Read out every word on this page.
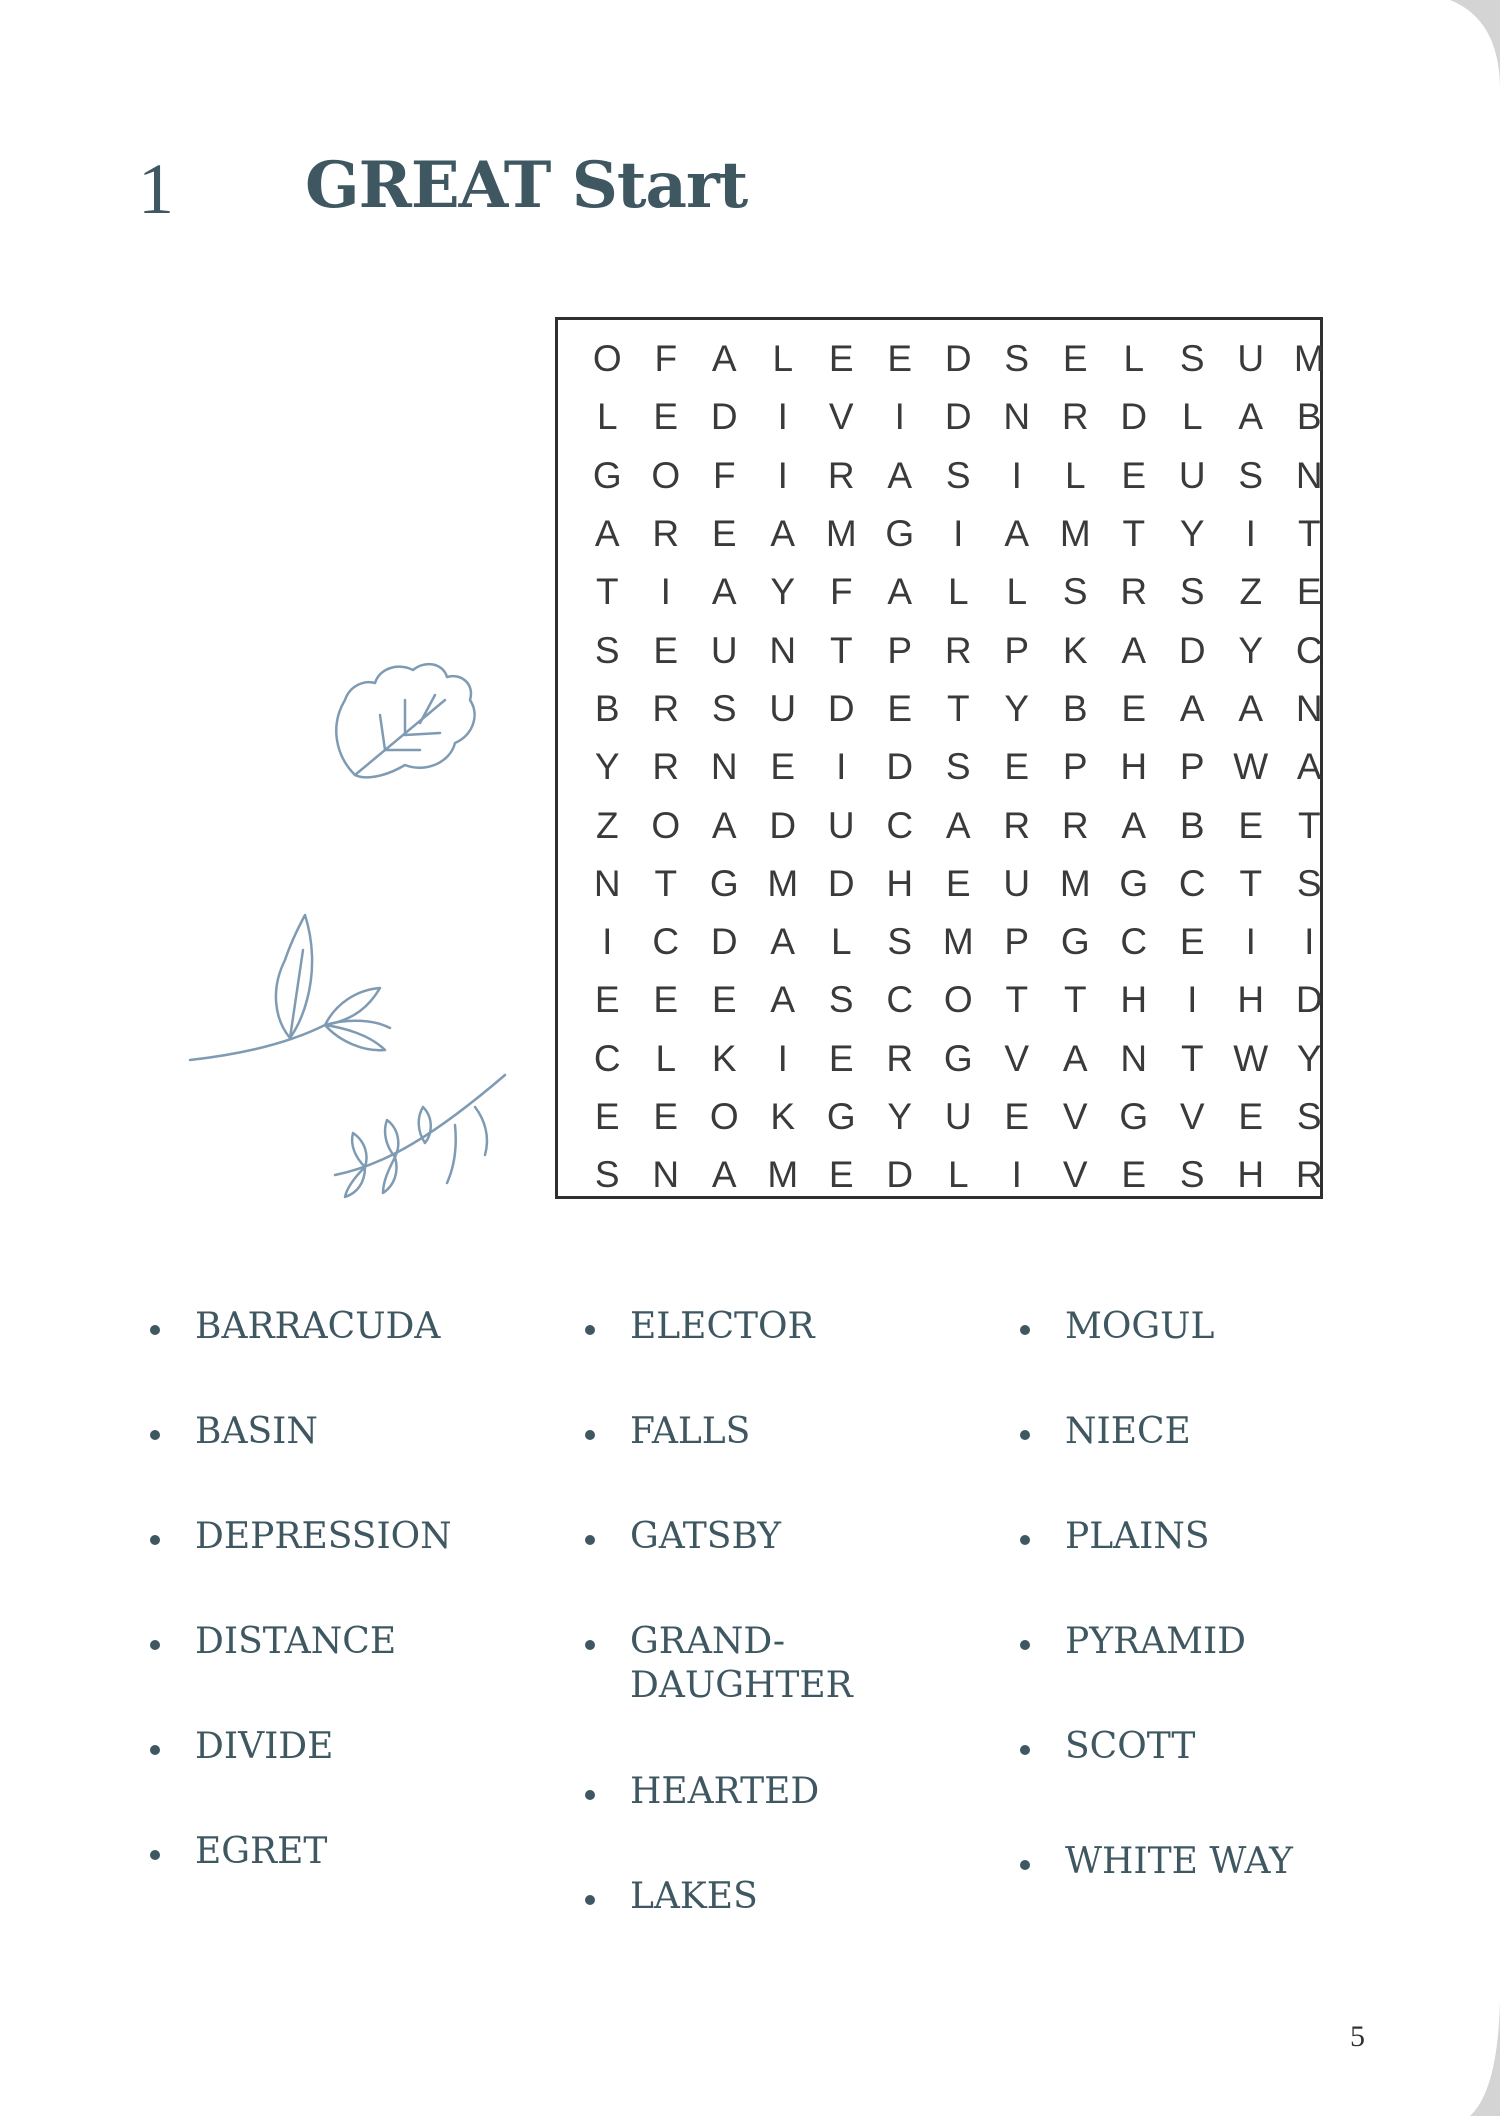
1 GREAT Start
O F A L E E D S E L S U M
L E D	I	V	I	D N R D L A B
G O F	I	R A S	I	L E U S N
A R E A M G	I	A M T Y	I	T
T	I	A Y F A L	L S R S Z E
S E U N T P R P K A D Y C
B R S U D E T Y B E A A N
Y R N E	I	D S E P H P W A
Z O A D U C A R R A B E T
N T G M D H E U M G C T S
I	C D A L S M P G C E	I	I
E E E A S C O T T H	I	H D
C L K	I	E R G V A N T W Y
E E O K G Y U E V G V E S
S N A M E D L	I	V E S H R
BARRACUDA
BASIN
DEPRESSION
DISTANCE
DIVIDE
EGRET
ELECTOR
FALLS
GATSBY
GRAND-
DAUGHTER
HEARTED
LAKES
MOGUL
NIECE
PLAINS
PYRAMID
SCOTT
WHITE WAY
5
